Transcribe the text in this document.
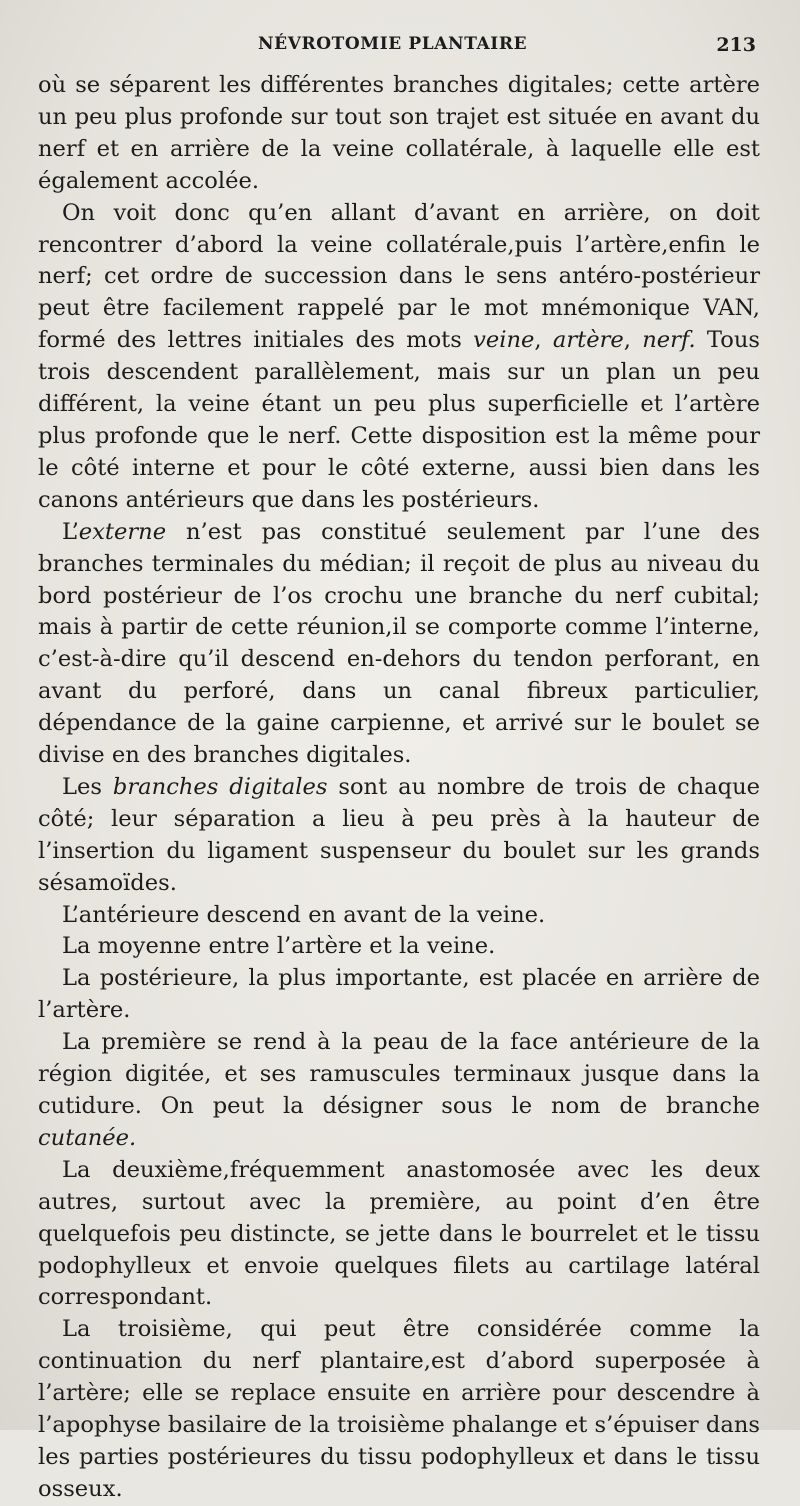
NÉVROTOMIE PLANTAIRE	213

où se séparent les différentes branches digitales; cette artère un peu plus profonde sur tout son trajet est située en avant du nerf et en arrière de la veine collatérale, à laquelle elle est également accolée.

On voit donc qu’en allant d’avant en arrière, on doit rencontrer d’abord la veine collatérale,puis l’artère,enfin le nerf; cet ordre de succession dans le sens antéro-postérieur peut être facilement rappelé par le mot mnémonique VAN, formé des lettres initiales des mots veine, artère, nerf. Tous trois descendent parallèlement, mais sur un plan un peu différent, la veine étant un peu plus superficielle et l’artère plus profonde que le nerf. Cette disposition est la même pour le côté interne et pour le côté externe, aussi bien dans les canons antérieurs que dans les postérieurs.

L’externe n’est pas constitué seulement par l’une des branches terminales du médian; il reçoit de plus au niveau du bord postérieur de l’os crochu une branche du nerf cubital; mais à partir de cette réunion,il se comporte comme l’interne, c’est-à-dire qu’il descend en-dehors du tendon perforant, en avant du perforé, dans un canal fibreux particulier, dépendance de la gaine carpienne, et arrivé sur le boulet se divise en des branches digitales.

Les branches digitales sont au nombre de trois de chaque côté; leur séparation a lieu à peu près à la hauteur de l’insertion du ligament suspenseur du boulet sur les grands sésamoïdes.

L’antérieure descend en avant de la veine.

La moyenne entre l’artère et la veine.

La postérieure, la plus importante, est placée en arrière de l’artère.

La première se rend à la peau de la face antérieure de la région digitée, et ses ramuscules terminaux jusque dans la cutidure. On peut la désigner sous le nom de branche cutanée.

La deuxième,fréquemment anastomosée avec les deux autres, surtout avec la première, au point d’en être quelquefois peu distincte, se jette dans le bourrelet et le tissu podophylleux et envoie quelques filets au cartilage latéral correspondant.

La troisième, qui peut être considérée comme la continuation du nerf plantaire,est d’abord superposée à l’artère; elle se replace ensuite en arrière pour descendre à l’apophyse basilaire de la troisième phalange et s’épuiser dans les parties postérieures du tissu podophylleux et dans le tissu osseux.
